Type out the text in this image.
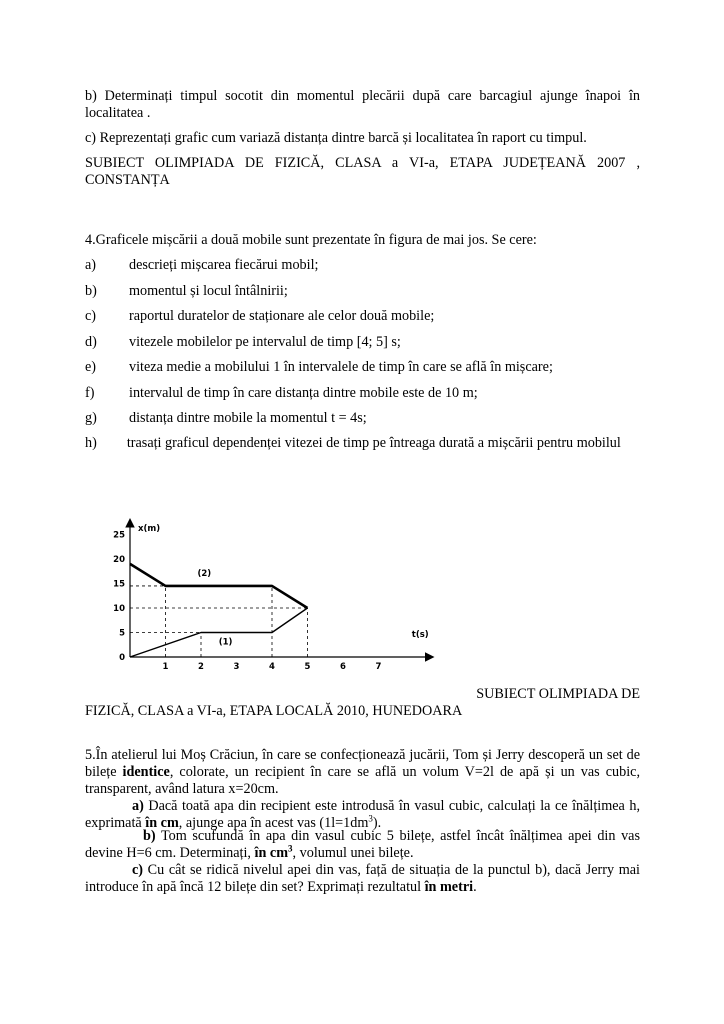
b) Determinați timpul socotit din momentul plecării după care barcagiul ajunge înapoi în localitatea .

c) Reprezentați grafic cum variază distanța dintre barcă și localitatea în raport cu timpul.

SUBIECT OLIMPIADA DE FIZICĂ, CLASA a VI-a, ETAPA JUDEȚEANĂ 2007 , CONSTANȚA

4.Graficele mișcării a două mobile sunt prezentate în figura de mai jos. Se cere:

a) descrieți mișcarea fiecărui mobil;
b) momentul și locul întâlnirii;
c) raportul duratelor de staționare ale celor două mobile;
d) vitezele mobilelor pe intervalul de timp [4; 5] s;
e) viteza medie a mobilului 1 în intervalele de timp în care se află în mișcare;
f) intervalul de timp în care distanța dintre mobile este de 10 m;
g) distanța dintre mobile la momentul t = 4s;

h) trasați graficul dependenței vitezei de timp pe întreaga durată a mișcării pentru mobilul

x(m)
t(s)
1	2	3	4	5	6	7
0
5
10
15
20
25
(2)
(1)

SUBIECT OLIMPIADA DE

FIZICĂ, CLASA a VI-a, ETAPA LOCALĂ 2010, HUNEDOARA

5.În atelierul lui Moș Crăciun, în care se confecționează jucării, Tom și Jerry descoperă un set de bilețe identice, colorate, un recipient în care se află un volum V=2l de apă și un vas cubic, transparent, având latura x=20cm.

a) Dacă toată apa din recipient este introdusă în vasul cubic, calculați la ce înălțimea h, exprimată în cm, ajunge apa în acest vas $(1l=1dm^3)$.

b) Tom scufundă în apa din vasul cubic 5 bilețe, astfel încât înălțimea apei din vas devine H=6 cm. Determinați, în $cm^3$, volumul unei bilețe.

c) Cu cât se ridică nivelul apei din vas, față de situația de la punctul b), dacă Jerry mai introduce în apă încă 12 bilețe din set? Exprimați rezultatul în metri.
